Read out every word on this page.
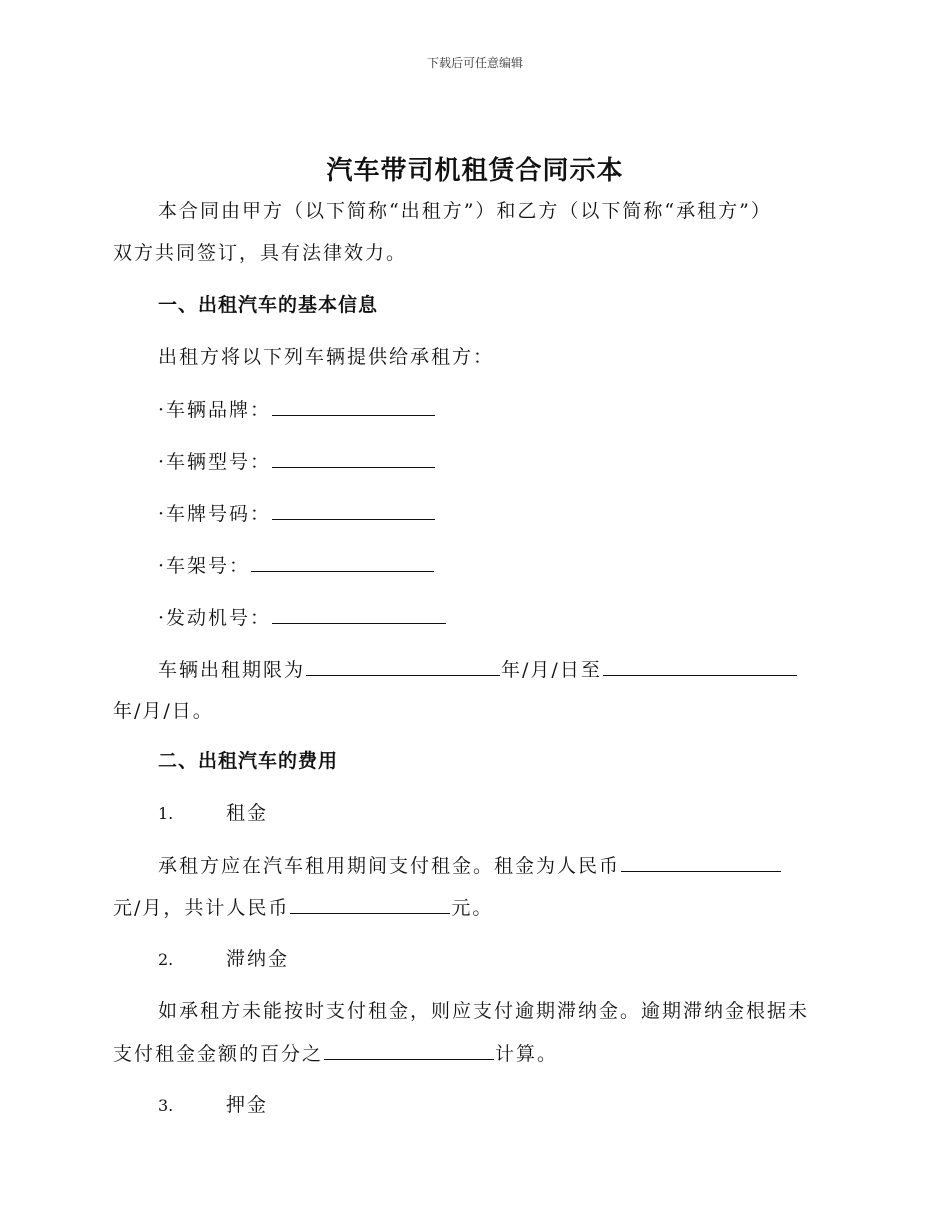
下载后可任意编辑
汽车带司机租赁合同示本
本合同由甲方（以下简称“出租方”）和乙方（以下简称“承租方”）
双方共同签订，具有法律效力。
一、出租汽车的基本信息
出租方将以下列车辆提供给承租方：
·车辆品牌：
·车辆型号：
·车牌号码：
·车架号：
·发动机号：
车辆出租期限为	年/月/日至
年/月/日。
二、出租汽车的费用
1.	租金
承租方应在汽车租用期间支付租金。租金为人民币
元/月，共计人民币	元。
2.	滞纳金
如承租方未能按时支付租金，则应支付逾期滞纳金。逾期滞纳金根据未
支付租金金额的百分之	计算。
3.	押金
